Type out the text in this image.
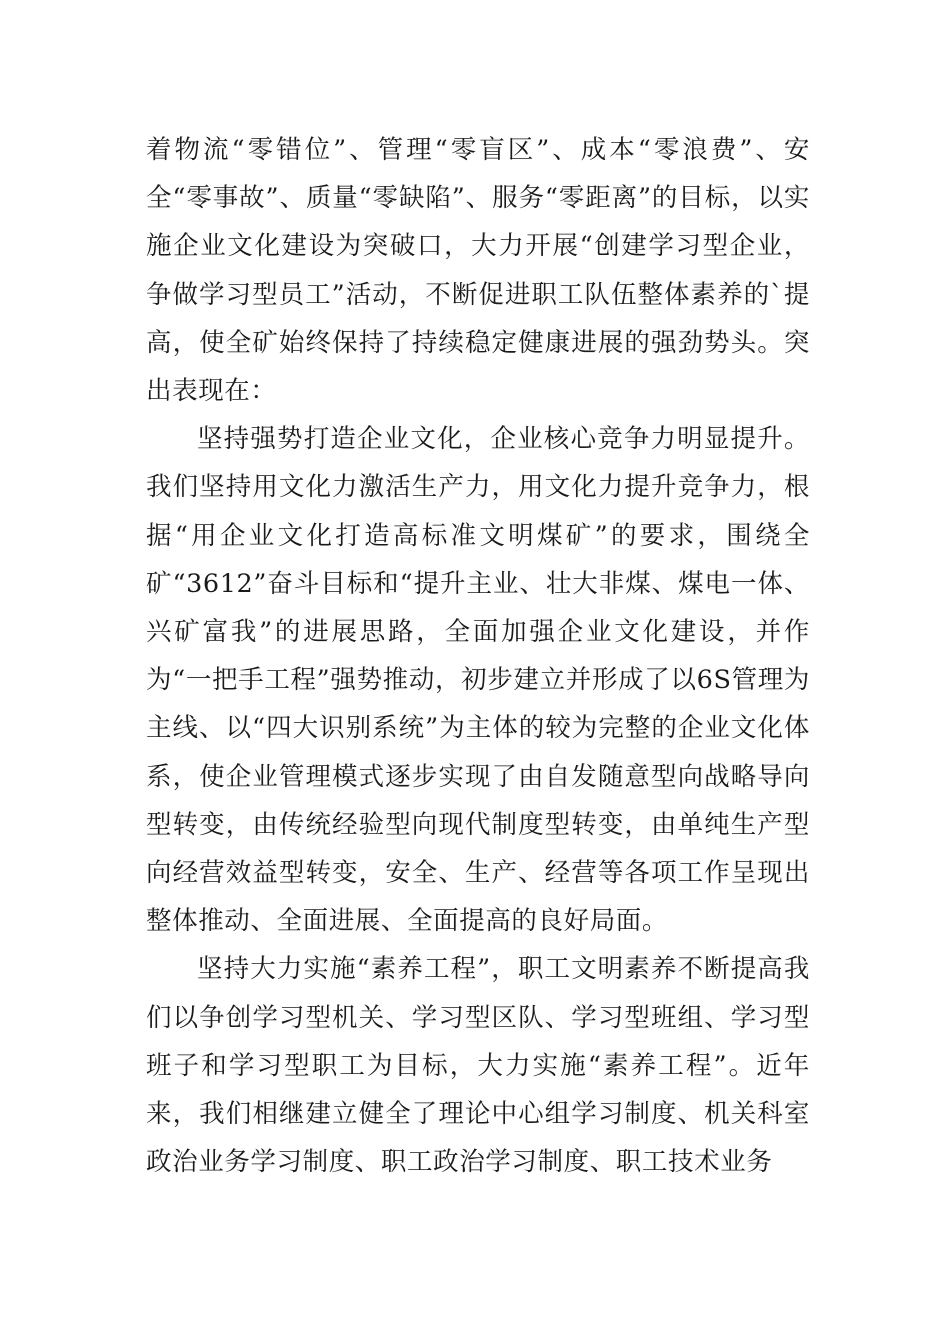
着物流“零错位”、管理“零盲区”、成本“零浪费”、安全“零事故”、质量“零缺陷”、服务“零距离”的目标，以实施企业文化建设为突破口，大力开展“创建学习型企业，争做学习型员工”活动，不断促进职工队伍整体素养的`提高，使全矿始终保持了持续稳定健康进展的强劲势头。突出表现在：

坚持强势打造企业文化，企业核心竞争力明显提升。我们坚持用文化力激活生产力，用文化力提升竞争力，根据“用企业文化打造高标准文明煤矿”的要求，围绕全矿“3612”奋斗目标和“提升主业、壮大非煤、煤电一体、兴矿富我”的进展思路，全面加强企业文化建设，并作为“一把手工程”强势推动，初步建立并形成了以6S管理为主线、以“四大识别系统”为主体的较为完整的企业文化体系，使企业管理模式逐步实现了由自发随意型向战略导向型转变，由传统经验型向现代制度型转变，由单纯生产型向经营效益型转变，安全、生产、经营等各项工作呈现出整体推动、全面进展、全面提高的良好局面。

坚持大力实施“素养工程”，职工文明素养不断提高我们以争创学习型机关、学习型区队、学习型班组、学习型班子和学习型职工为目标，大力实施“素养工程”。近年来，我们相继建立健全了理论中心组学习制度、机关科室政治业务学习制度、职工政治学习制度、职工技术业务
